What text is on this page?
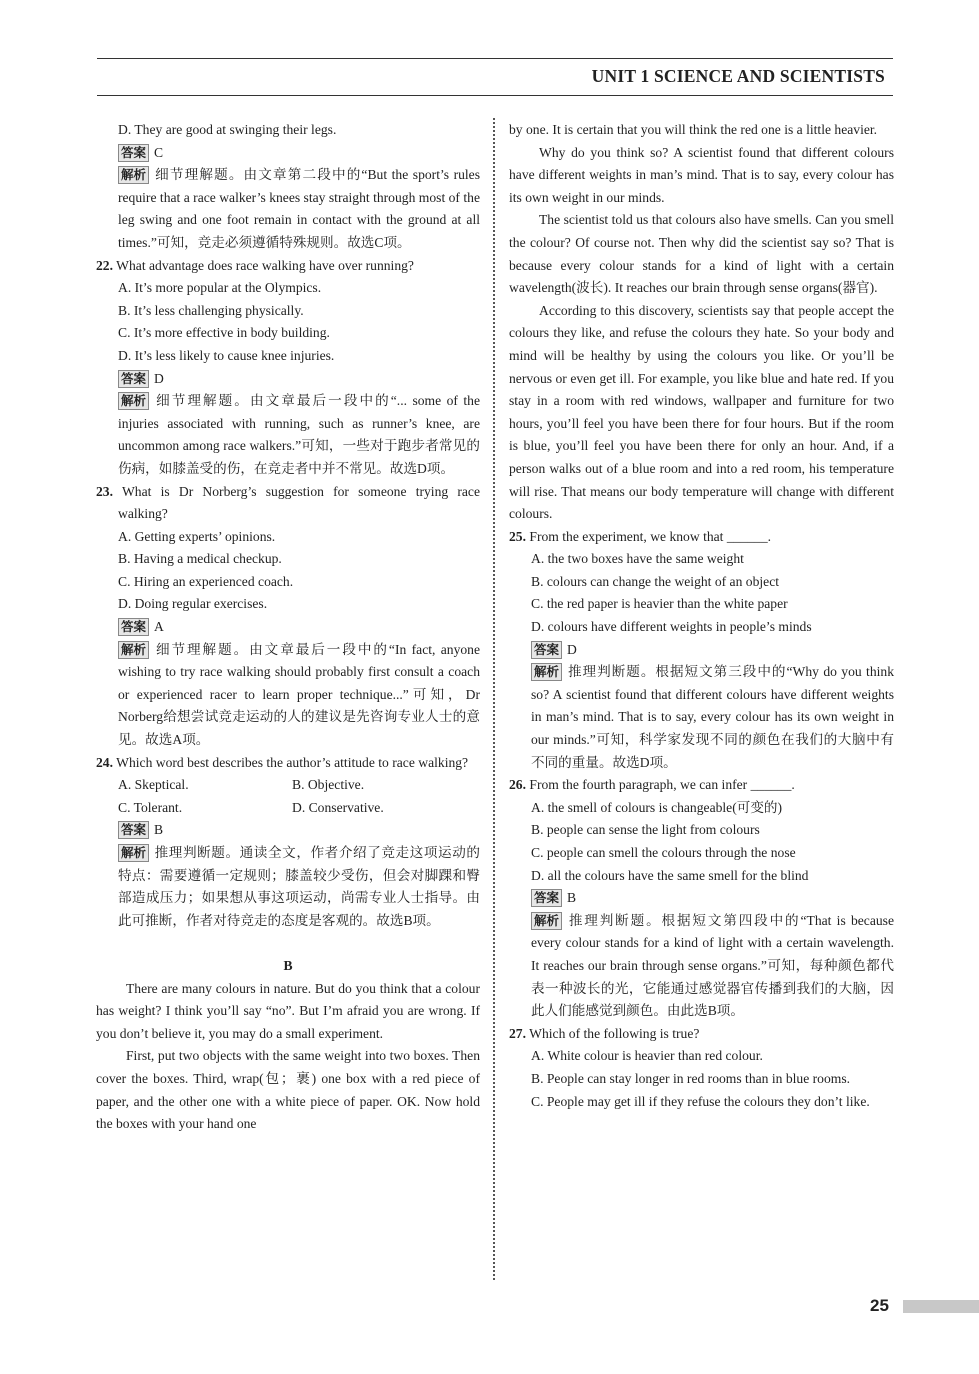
UNIT 1 SCIENCE AND SCIENTISTS

D. They are good at swinging their legs.

答案 C

解析 细节理解题。由文章第二段中的“But the sport’s rules require that a race walker’s knees stay straight through most of the leg swing and one foot remain in contact with the ground at all times.”可知，竞走必须遵循特殊规则。故选C项。

22. What advantage does race walking have over running?

A. It’s more popular at the Olympics.

B. It’s less challenging physically.

C. It’s more effective in body building.

D. It’s less likely to cause knee injuries.

答案 D

解析 细节理解题。由文章最后一段中的“... some of the injuries associated with running, such as runner’s knee, are uncommon among race walkers.”可知，一些对于跑步者常见的伤病，如膝盖受的伤，在竞走者中并不常见。故选D项。

23. What is Dr Norberg’s suggestion for someone trying race walking?

A. Getting experts’ opinions.

B. Having a medical checkup.

C. Hiring an experienced coach.

D. Doing regular exercises.

答案 A

解析 细节理解题。由文章最后一段中的“In fact, anyone wishing to try race walking should probably first consult a coach or experienced racer to learn proper technique...”可知，Dr Norberg给想尝试竞走运动的人的建议是先咨询专业人士的意见。故选A项。

24. Which word best describes the author’s attitude to race walking?

A. Skeptical.	B. Objective.
C. Tolerant.	D. Conservative.

答案 B

解析 推理判断题。通读全文，作者介绍了竞走这项运动的特点：需要遵循一定规则；膝盖较少受伤，但会对脚踝和臀部造成压力；如果想从事这项运动，尚需专业人士指导。由此可推断，作者对待竞走的态度是客观的。故选B项。

B

There are many colours in nature. But do you think that a colour has weight? I think you’ll say “no”. But I’m afraid you are wrong. If you don’t believe it, you may do a small experiment.

First, put two objects with the same weight into two boxes. Then cover the boxes. Third, wrap(包；裹) one box with a red piece of paper, and the other one with a white piece of paper. OK. Now hold the boxes with your hand one

by one. It is certain that you will think the red one is a little heavier.

Why do you think so? A scientist found that different colours have different weights in man’s mind. That is to say, every colour has its own weight in our minds.

The scientist told us that colours also have smells. Can you smell the colour? Of course not. Then why did the scientist say so? That is because every colour stands for a kind of light with a certain wavelength(波长). It reaches our brain through sense organs(器官).

According to this discovery, scientists say that people accept the colours they like, and refuse the colours they hate. So your body and mind will be healthy by using the colours you like. Or you’ll be nervous or even get ill. For example, you like blue and hate red. If you stay in a room with red windows, wallpaper and furniture for two hours, you’ll feel you have been there for four hours. But if the room is blue, you’ll feel you have been there for only an hour. And, if a person walks out of a blue room and into a red room, his temperature will rise. That means our body temperature will change with different colours.

25. From the experiment, we know that ______.

A. the two boxes have the same weight

B. colours can change the weight of an object

C. the red paper is heavier than the white paper

D. colours have different weights in people’s minds

答案 D

解析 推理判断题。根据短文第三段中的“Why do you think so? A scientist found that different colours have different weights in man’s mind. That is to say, every colour has its own weight in our minds.”可知，科学家发现不同的颜色在我们的大脑中有不同的重量。故选D项。

26. From the fourth paragraph, we can infer ______.

A. the smell of colours is changeable(可变的)

B. people can sense the light from colours

C. people can smell the colours through the nose

D. all the colours have the same smell for the blind

答案 B

解析 推理判断题。根据短文第四段中的“That is because every colour stands for a kind of light with a certain wavelength. It reaches our brain through sense organs.”可知，每种颜色都代表一种波长的光，它能通过感觉器官传播到我们的大脑，因此人们能感觉到颜色。由此选B项。

27. Which of the following is true?

A. White colour is heavier than red colour.

B. People can stay longer in red rooms than in blue rooms.

C. People may get ill if they refuse the colours they don’t like.

25
